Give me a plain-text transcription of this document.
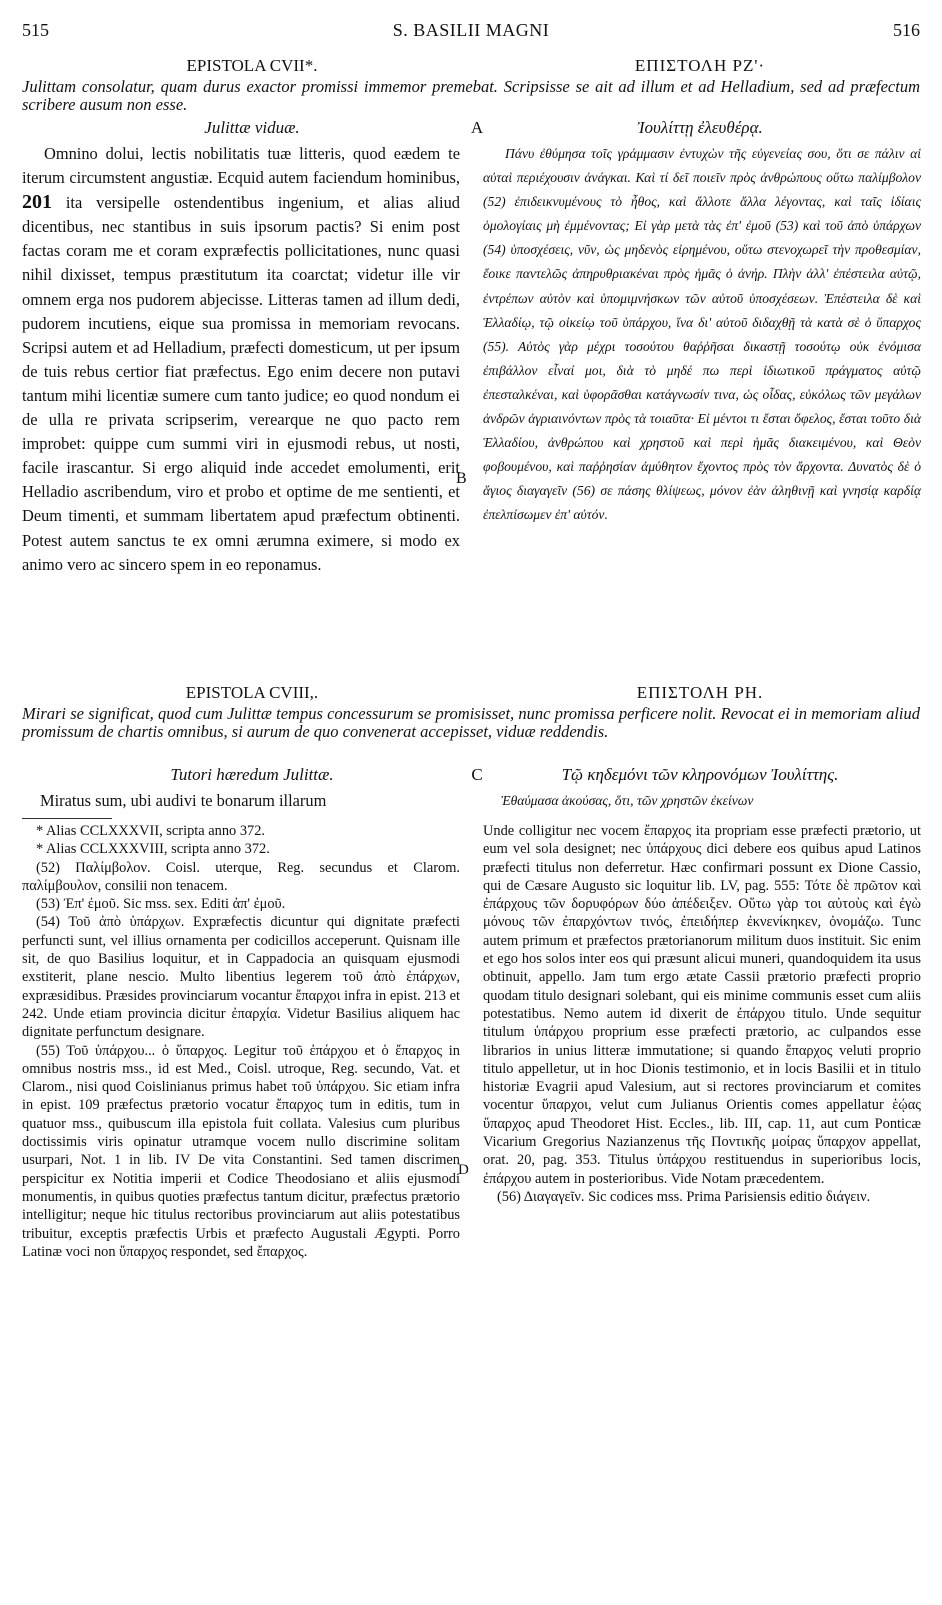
515	S. BASILII MAGNI	516
EPISTOLA CVII*.	ΕΠΙΣΤΟΛΗ ΡΖ'·
Julittam consolatur, quam durus exactor promissi immemor premebat. Scripsisse se ait ad illum et ad Helladium, sed ad præfectum scribere ausum non esse.
Julittæ viduæ.	A	Ἰουλίττῃ ἐλευθέρᾳ.

Omnino dolui, lectis nobilitatis tuæ litteris, quod eædem te iterum circumstent angustiæ. Ecquid autem faciendum hominibus, 201 ita versipelle ostendentibus ingenium, et alias aliud dicentibus, nec stantibus in suis ipsorum pactis? Si enim post factas coram me et coram expræfectis pollicitationes, nunc quasi nihil dixisset, tempus præstitutum ita coarctat; videtur ille vir omnem erga nos pudorem abjecisse. Litteras tamen ad illum dedi, pudorem incutiens, eique sua promissa in memoriam revocans. Scripsi autem et ad Helladium, præfecti domesticum, ut per ipsum de tuis rebus certior fiat præfectus. Ego enim decere non putavi tantum mihi licentiæ sumere cum tanto judice; eo quod nondum ei de ulla re privata scripserim, verearque ne quo pacto rem improbet: quippe cum summi viri in ejusmodi rebus, ut nosti, facile irascantur. Si ergo aliquid inde accedet emolumenti, erit Helladio ascribendum, viro et probo et optime de me sentienti, et Deum timenti, et summam libertatem apud præfectum obtinenti. Potest autem sanctus te ex omni ærumna eximere, si modo ex animo vero ac sincero spem in eo reponamus.

B

Πάνυ ἐθύμησα τοῖς γράμμασιν ἐντυχὼν τῆς εὐγενείας σου, ὅτι σε πάλιν αἱ αὐταὶ περιέχουσιν ἀνάγκαι. Καὶ τί δεῖ ποιεῖν πρὸς ἀνθρώπους οὕτω παλίμβολον (52) ἐπιδεικνυμένους τὸ ἦθος, καὶ ἄλλοτε ἄλλα λέγοντας, καὶ ταῖς ἰδίαις ὁμολογίαις μὴ ἐμμένοντας; Εἰ γὰρ μετὰ τὰς ἐπ' ἐμοῦ (53) καὶ τοῦ ἀπὸ ὑπάρχων (54) ὑποσχέσεις, νῦν, ὡς μηδενὸς εἰρημένου, οὕτω στενοχωρεῖ τὴν προθεσμίαν, ἔοικε παντελῶς ἀπηρυθριακέναι πρὸς ἡμᾶς ὁ ἀνήρ. Πλὴν ἀλλ' ἐπέστειλα αὐτῷ, ἐντρέπων αὐτὸν καὶ ὑπομιμνήσκων τῶν αὐτοῦ ὑποσχέσεων. Ἐπέστειλα δὲ καὶ Ἑλλαδίῳ, τῷ οἰκείῳ τοῦ ὑπάρχου, ἵνα δι' αὐτοῦ διδαχθῇ τὰ κατὰ σὲ ὁ ὕπαρχος (55). Αὐτὸς γὰρ μέχρι τοσούτου θαῤῥῆσαι δικαστῇ τοσούτῳ οὐκ ἐνόμισα ἐπιβάλλον εἶναί μοι, διὰ τὸ μηδέ πω περὶ ἰδιωτικοῦ πράγματος αὐτῷ ἐπεσταλκέναι, καὶ ὑφορᾶσθαι κατάγνωσίν τινα, ὡς οἶδας, εὐκόλως τῶν μεγάλων ἀνδρῶν ἀγριαινόντων πρὸς τὰ τοιαῦτα· Εἰ μέντοι τι ἔσται ὄφελος, ἔσται τοῦτο διὰ Ἑλλαδίου, ἀνθρώπου καὶ χρηστοῦ καὶ περὶ ἡμᾶς διακειμένου, καὶ Θεὸν φοβουμένου, καὶ παῤῥησίαν ἀμύθητον ἔχοντος πρὸς τὸν ἄρχοντα. Δυνατὸς δὲ ὁ ἅγιος διαγαγεῖν (56) σε πάσης θλίψεως, μόνον ἐὰν ἀληθινῇ καὶ γνησίᾳ καρδίᾳ ἐπελπίσωμεν ἐπ' αὐτόν.

EPISTOLA CVIII,.	ΕΠΙΣΤΟΛΗ ΡΗ.
Mirari se significat, quod cum Julittæ tempus concessurum se promisisset, nunc promissa perficere nolit. Revocat ei in memoriam aliud promissum de chartis omnibus, si aurum de quo convenerat accepisset, viduæ reddendis.
Tutori hæredum Julittæ.	C	Τῷ κηδεμόνι τῶν κληρονόμων Ἰουλίττης.

Miratus sum, ubi audivi te bonarum illarum	Ἐθαύμασα ἀκούσας, ὅτι, τῶν χρηστῶν ἐκείνων

* Alias CCLXXXVII, scripta anno 372.

* Alias CCLXXXVIII, scripta anno 372.

(52) Παλίμβολον. Coisl. uterque, Reg. secundus et Clarom. παλίμβουλον, consilii non tenacem.

(53) Ἐπ' ἐμοῦ. Sic mss. sex. Editi ἀπ' ἐμοῦ.

(54) Τοῦ ἀπὸ ὑπάρχων. Expræfectis dicuntur qui dignitate præfecti perfuncti sunt, vel illius ornamenta per codicillos acceperunt. Quisnam ille sit, de quo Basilius loquitur, et in Cappadocia an quisquam ejusmodi exstiterit, plane nescio. Multo libentius legerem τοῦ ἀπὸ ἐπάρχων, expræsidibus. Præsides provinciarum vocantur ἔπαρχοι infra in epist. 213 et 242. Unde etiam provincia dicitur ἐπαρχία. Videtur Basilius aliquem hac dignitate perfunctum designare.

(55) Τοῦ ὑπάρχου... ὁ ὕπαρχος. Legitur τοῦ ἐπάρχου et ὁ ἔπαρχος in omnibus nostris mss., id est Med., Coisl. utroque, Reg. secundo, Vat. et Clarom., nisi quod Coislinianus primus habet τοῦ ὑπάρχου. Sic etiam infra in epist. 109 præfectus prætorio vocatur ἔπαρχος tum in editis, tum in quatuor mss., quibuscum illa epistola fuit collata. Valesius cum pluribus doctissimis viris opinatur utramque vocem nullo discrimine solitam usurpari, Not. 1 in lib. IV De vita Constantini. Sed tamen discrimen perspicitur ex Notitia imperii et Codice Theodosiano et aliis ejusmodi monumentis, in quibus quoties præfectus tantum dicitur, præfectus prætorio intelligitur; neque hic titulus rectoribus provinciarum aut aliis potestatibus tribuitur, exceptis præfectis Urbis et præfecto Augustali Ægypti. Porro Latinæ voci non ὕπαρχος respondet, sed ἔπαρχος.

D

Unde colligitur nec vocem ἔπαρχος ita propriam esse præfecti prætorio, ut eum vel sola designet; nec ὑπάρχους dici debere eos quibus apud Latinos præfecti titulus non deferretur. Hæc confirmari possunt ex Dione Cassio, qui de Cæsare Augusto sic loquitur lib. LV, pag. 555: Τότε δὲ πρῶτον καὶ ἐπάρχους τῶν δορυφόρων δύο ἀπέδειξεν. Οὕτω γὰρ τοι αὐτοὺς καὶ ἐγὼ μόνους τῶν ἐπαρχόντων τινός, ἐπειδήπερ ἐκνενίκηκεν, ὀνομάζω. Tunc autem primum et præfectos prætorianorum militum duos instituit. Sic enim et ego hos solos inter eos qui præsunt alicui muneri, quandoquidem ita usus obtinuit, appello. Jam tum ergo ætate Cassii prætorio præfecti proprio quodam titulo designari solebant, qui eis minime communis esset cum aliis potestatibus. Nemo autem id dixerit de ἐπάρχου titulo. Unde sequitur titulum ὑπάρχου proprium esse præfecti prætorio, ac culpandos esse librarios in unius litteræ immutatione; si quando ἔπαρχος veluti proprio titulo appelletur, ut in hoc Dionis testimonio, et in locis Basilii et in titulo historiæ Evagrii apud Valesium, aut si rectores provinciarum et comites vocentur ὕπαρχοι, velut cum Julianus Orientis comes appellatur ἑῴας ὕπαρχος apud Theodoret Hist. Eccles., lib. III, cap. 11, aut cum Ponticæ Vicarium Gregorius Nazianzenus τῆς Ποντικῆς μοίρας ὕπαρχον appellat, orat. 20, pag. 353. Titulus ὑπάρχου restituendus in superioribus locis, ἐπάρχου autem in posterioribus. Vide Notam præcedentem.

(56) Διαγαγεῖν. Sic codices mss. Prima Parisiensis editio διάγειν.
